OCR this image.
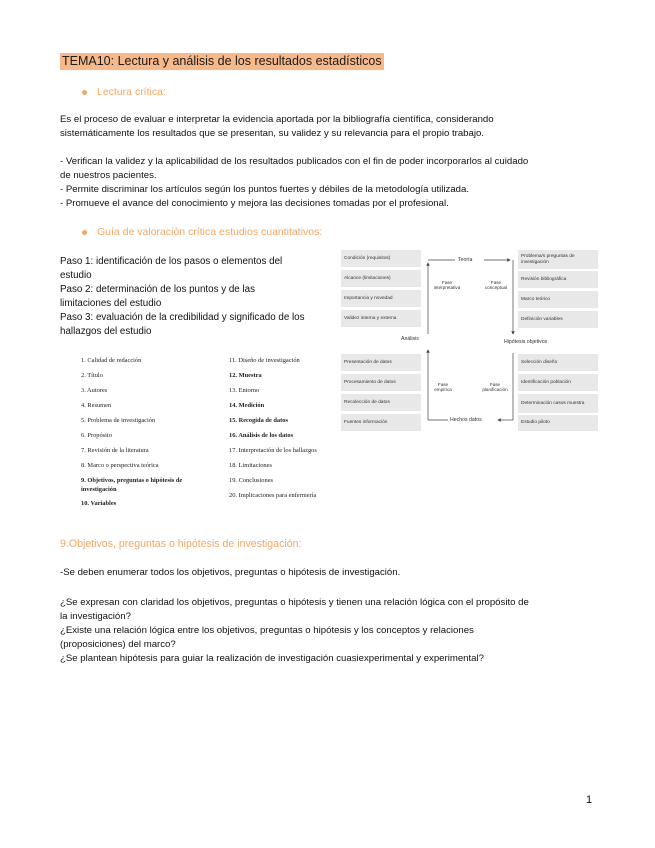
TEMA10: Lectura y análisis de los resultados estadísticos
Lectura crítica:

Es el proceso de evaluar e interpretar la evidencia aportada por la bibliografía científica, considerando

sistemáticamente los resultados que se presentan, su validez y su relevancia para el propio trabajo.

- Verifican la validez y la aplicabilidad de los resultados publicados con el fin de poder incorporarlos al cuidado

de nuestros pacientes.

- Permite discriminar los artículos según los puntos fuertes y débiles de la metodología utilizada.

- Promueve el avance del conocimiento y mejora las decisiones tomadas por el profesional.

Guía de valoración crítica estudios cuantitativos:

Paso 1: identificación de los pasos o elementos del

estudio

Paso 2: determinación de los puntos y de las

limitaciones del estudio

Paso 3: evaluación de la credibilidad y significado de los

hallazgos del estudio

1. Calidad de redacción
2. Título
3. Autores
4. Resumen
5. Problema de investigación
6. Propósito
7. Revisión de la literatura
8. Marco o perspectiva teórica
9. Objetivos, preguntas o hipótesis de
investigación
10. Variables
11. Diseño de investigación
12. Muestra
13. Entorno
14. Medición
15. Recogida de datos
16. Análisis de los datos
17. Interpretación de los hallazgos
18. Limitaciones
19. Conclusiones
20. Implicaciones para enfermería
Condición (requisitos)
Alcance (limitaciones)
Importancia y novedad
Validez interna y externa
Problema/s preguntas de investigación
Revisión bibliográfica
Marco teórico
Definición variables
Presentación de datos
Procesamiento de datos
Recolección de datos
Fuentes información
Selección diseño
Identificación población
Determinación casos muestra
Estudio piloto
Teoría
Análisis	Hipótesis objetivos
Hechos datos
Fase interpretativa
Fase conceptual
Fase empírica
Fase planificación
9.Objetivos, preguntas o hipótesis de investigación:

-Se deben enumerar todos los objetivos, preguntas o hipótesis de investigación.

¿Se expresan con claridad los objetivos, preguntas o hipótesis y tienen una relación lógica con el propósito de

la investigación?

¿Existe una relación lógica entre los objetivos, preguntas o hipótesis y los conceptos y relaciones

(proposiciones) del marco?

¿Se plantean hipótesis para guiar la realización de investigación cuasiexperimental y experimental?

1
